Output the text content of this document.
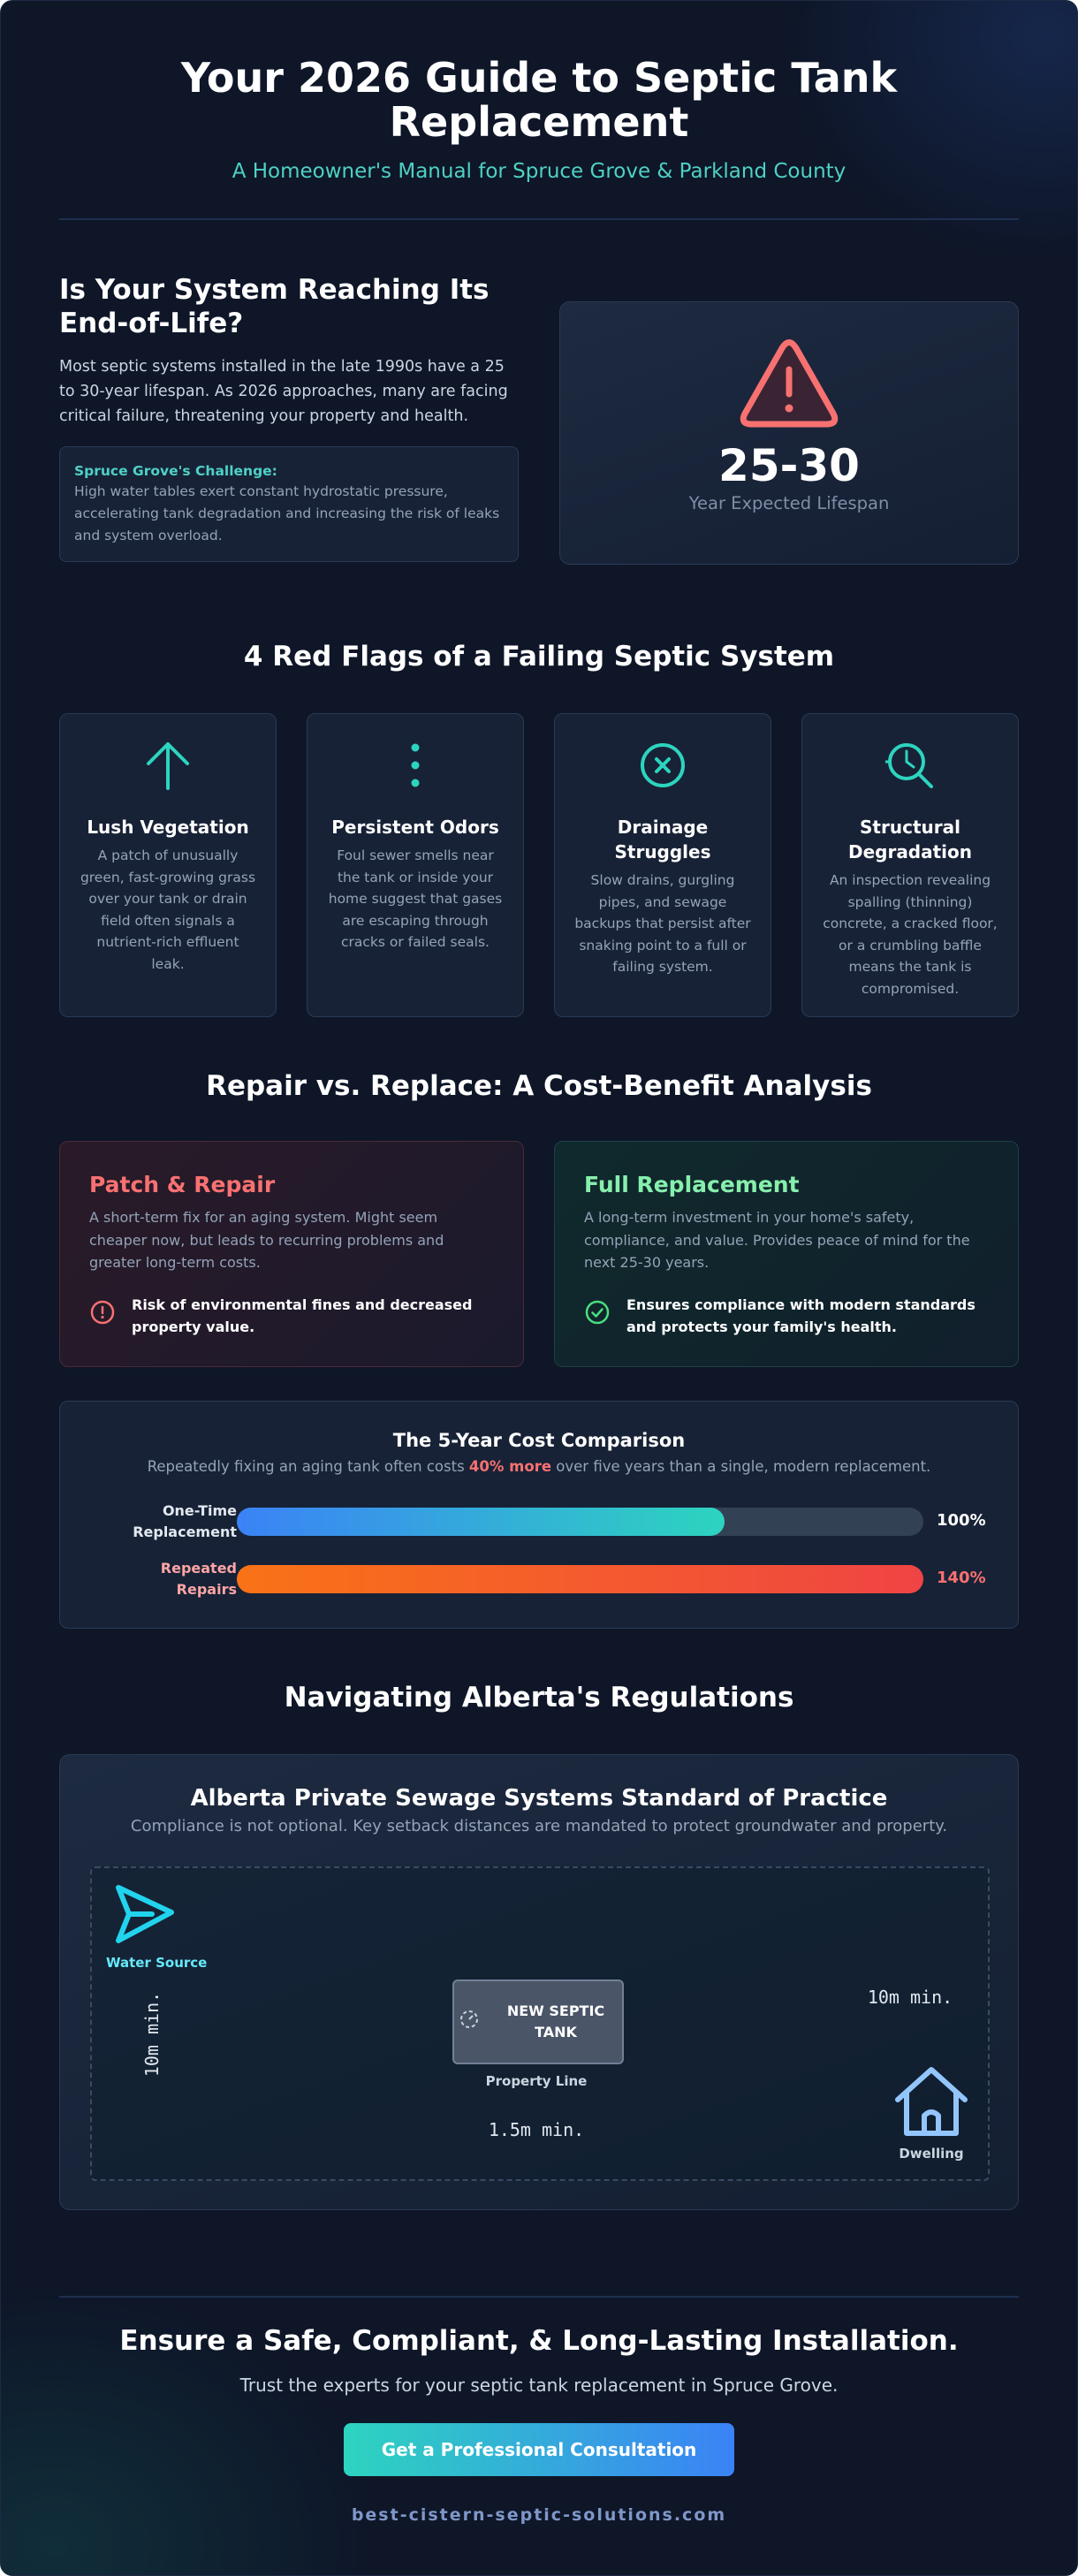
Your 2026 Guide to Septic Tank Replacement
A Homeowner's Manual for Spruce Grove & Parkland County
Is Your System Reaching Its End-of-Life?
Most septic systems installed in the late 1990s have a 25 to 30-year lifespan. As 2026 approaches, many are facing critical failure, threatening your property and health.
Spruce Grove's Challenge:
High water tables exert constant hydrostatic pressure, accelerating tank degradation and increasing the risk of leaks and system overload.
25-30
Year Expected Lifespan
4 Red Flags of a Failing Septic System
Lush Vegetation
A patch of unusually green, fast-growing grass over your tank or drain field often signals a nutrient-rich effluent leak.
Persistent Odors
Foul sewer smells near the tank or inside your home suggest that gases are escaping through cracks or failed seals.
Drainage Struggles
Slow drains, gurgling pipes, and sewage backups that persist after snaking point to a full or failing system.
Structural Degradation
An inspection revealing spalling (thinning) concrete, a cracked floor, or a crumbling baffle means the tank is compromised.
Repair vs. Replace: A Cost-Benefit Analysis
Patch & Repair
A short-term fix for an aging system. Might seem cheaper now, but leads to recurring problems and greater long-term costs.
Risk of environmental fines and decreased property value.
Full Replacement
A long-term investment in your home's safety, compliance, and value. Provides peace of mind for the next 25-30 years.
Ensures compliance with modern standards and protects your family's health.
The 5-Year Cost Comparison
Repeatedly fixing an aging tank often costs 40% more over five years than a single, modern replacement.
One-Time
Replacement
100%
Repeated
Repairs
140%
Navigating Alberta's Regulations
Alberta Private Sewage Systems Standard of Practice
Compliance is not optional. Key setback distances are mandated to protect groundwater and property.
Water Source
10m min.	NEW SEPTIC TANK
Property Line
1.5m min.
10m min.
Dwelling
Ensure a Safe, Compliant, & Long-Lasting Installation.
Trust the experts for your septic tank replacement in Spruce Grove.
Get a Professional Consultation
best-cistern-septic-solutions.com
